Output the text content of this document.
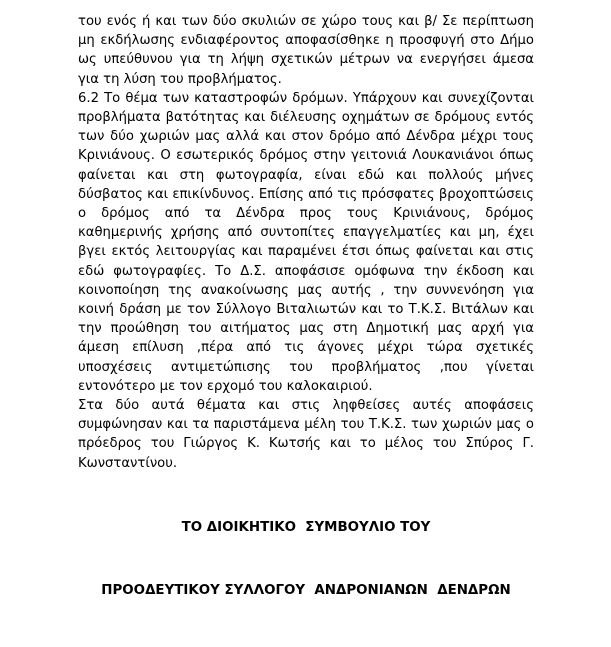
του ενός ή και των δύο σκυλιών σε χώρο τους και β/ Σε περίπτωση μη εκδήλωσης ενδιαφέροντος αποφασίσθηκε η προσφυγή στο Δήμο ως υπεύθυνου για τη λήψη σχετικών μέτρων να ενεργήσει άμεσα για τη λύση του προβλήματος.

6.2 Το θέμα των καταστροφών δρόμων. Υπάρχουν και συνεχίζονται προβλήματα βατότητας και διέλευσης οχημάτων σε δρόμους εντός των δύο χωριών μας αλλά και στον δρόμο από Δένδρα μέχρι τους Κρινιάνους. Ο εσωτερικός δρόμος στην γειτονιά Λουκανιάνοι όπως φαίνεται και στη φωτογραφία, είναι εδώ και πολλούς μήνες δύσβατος και επικίνδυνος. Επίσης από τις πρόσφατες βροχοπτώσεις ο δρόμος από τα Δένδρα προς τους Κρινιάνους, δρόμος καθημερινής χρήσης από συντοπίτες επαγγελματίες και μη, έχει βγει εκτός λειτουργίας και παραμένει έτσι όπως φαίνεται και στις εδώ φωτογραφίες. Το Δ.Σ. αποφάσισε ομόφωνα την έκδοση και κοινοποίηση της ανακοίνωσης μας αυτής , την συννενόηση για κοινή δράση με τον Σύλλογο Βιταλιωτών και το Τ.Κ.Σ. Βιτάλων και την προώθηση του αιτήματος μας στη Δημοτική μας αρχή για άμεση επίλυση ,πέρα από τις άγονες μέχρι τώρα σχετικές υποσχέσεις αντιμετώπισης του προβλήματος ,που γίνεται εντονότερο με τον ερχομό του καλοκαιριού.

Στα δύο αυτά θέματα και στις ληφθείσες αυτές αποφάσεις συμφώνησαν και τα παριστάμενα μέλη του Τ.Κ.Σ. των χωριών μας ο πρόεδρος του Γιώργος Κ. Κωτσής και το μέλος του Σπύρος Γ. Κωνσταντίνου.

ΤΟ ΔΙΟΙΚΗΤΙΚΟ  ΣΥΜΒΟΥΛΙΟ ΤΟΥ

ΠΡΟΟΔΕΥΤΙΚΟΥ ΣΥΛΛΟΓΟΥ  ΑΝΔΡΟΝΙΑΝΩΝ  ΔΕΝΔΡΩΝ
